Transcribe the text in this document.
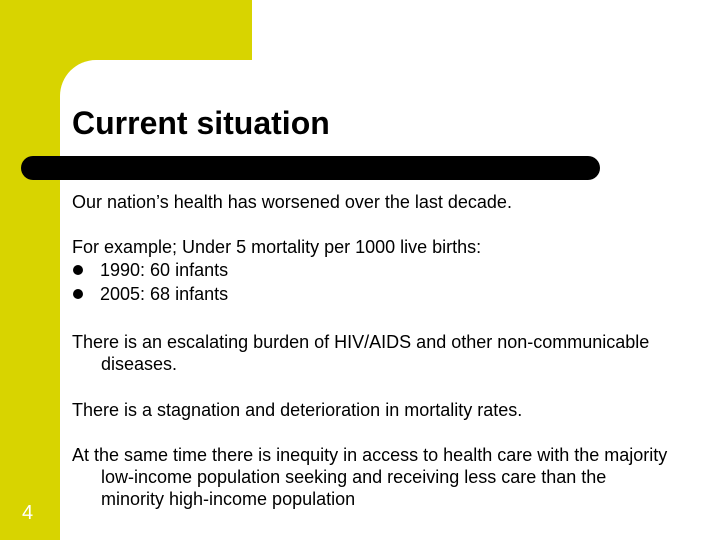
Current situation

Our nation’s health has worsened over the last decade.

For example; Under 5 mortality per 1000 live births:

1990: 60 infants
2005: 68 infants

There is an escalating burden of HIV/AIDS and other non-communicable diseases.

There is a stagnation and deterioration in mortality rates.

At the same time there is inequity in access to health care with the majority low-income population seeking and receiving less care than the minority high-income population

4
